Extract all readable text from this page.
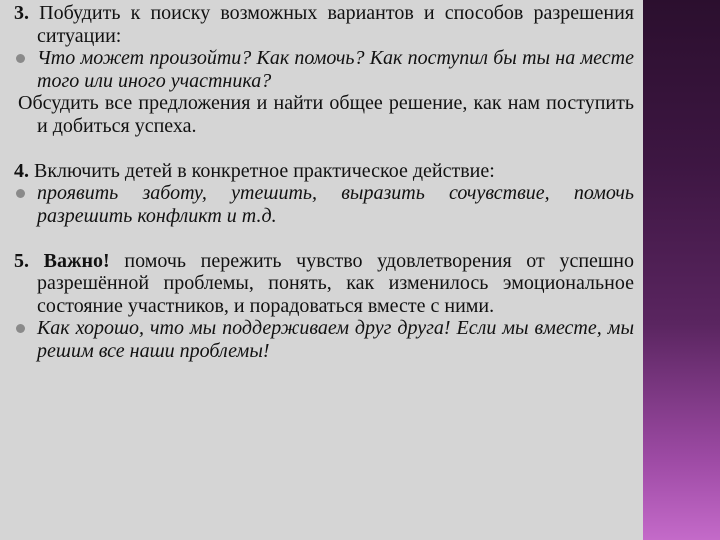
3. Побудить к поиску возможных вариантов и способов разрешения ситуации:

Что может произойти? Как помочь? Как поступил бы ты на месте того или иного участника?

Обсудить все предложения и найти общее решение, как нам поступить и добиться успеха.

4. Включить детей в конкретное практическое действие:

проявить заботу, утешить, выразить сочувствие, помочь разрешить конфликт и т.д.

5. Важно! помочь пережить чувство удовлетворения от успешно разрешённой проблемы, понять, как изменилось эмоциональное состояние участников, и порадоваться вместе с ними.

Как хорошо, что мы поддерживаем друг друга! Если мы вместе, мы решим все наши проблемы!
